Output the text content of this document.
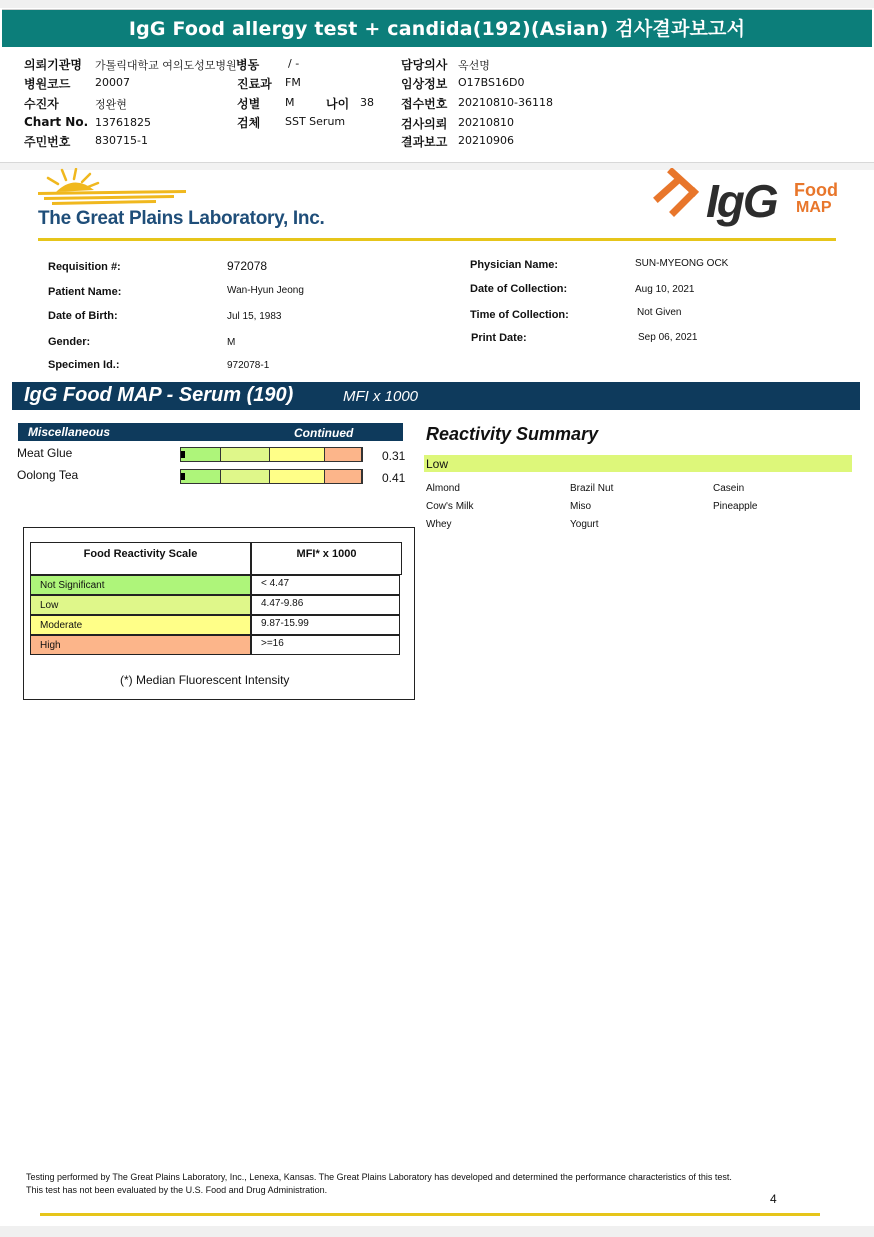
IgG Food allergy test + candida(192)(Asian) 검사결과보고서
의뢰기관명 가톨릭대학교 여의도성모병원
병원코드 20007
수진자	정완현
Chart No. 13761825
주민번호 830715-1
병동	/ -
진료과 FM
성별 M	나이 38
검체 SST Serum
담당의사 옥선명
임상정보 O17BS16D0
접수번호 20210810-36118
검사의뢰 20210810
결과보고 20210906
The Great Plains Laboratory, Inc.	IgG Food
MAP
Requisition #:	972078
Patient Name:	Wan-Hyun Jeong
Date of Birth:	Jul 15, 1983
Gender:	M
Specimen Id.:	972078-1
Physician Name:	SUN-MYEONG OCK
Date of Collection:	Aug 10, 2021
Time of Collection:	Not Given
Print Date:	Sep 06, 2021
IgG Food MAP - Serum (190)	MFI x 1000
Miscellaneous	Continued
Meat Glue	0.31
Oolong Tea	0.41
Reactivity Summary
Low
Almond	Brazil Nut	Casein
Cow's Milk	Miso	Pineapple
Whey	Yogurt
Food Reactivity Scale	MFI* x 1000
Not Significant	< 4.47
Low	4.47-9.86
Moderate	9.87-15.99
High	>=16
(*) Median Fluorescent Intensity
Testing performed by The Great Plains Laboratory, Inc., Lenexa, Kansas. The Great Plains Laboratory has developed and determined the performance characteristics of this test. This test has not been evaluated by the U.S. Food and Drug Administration.
4
